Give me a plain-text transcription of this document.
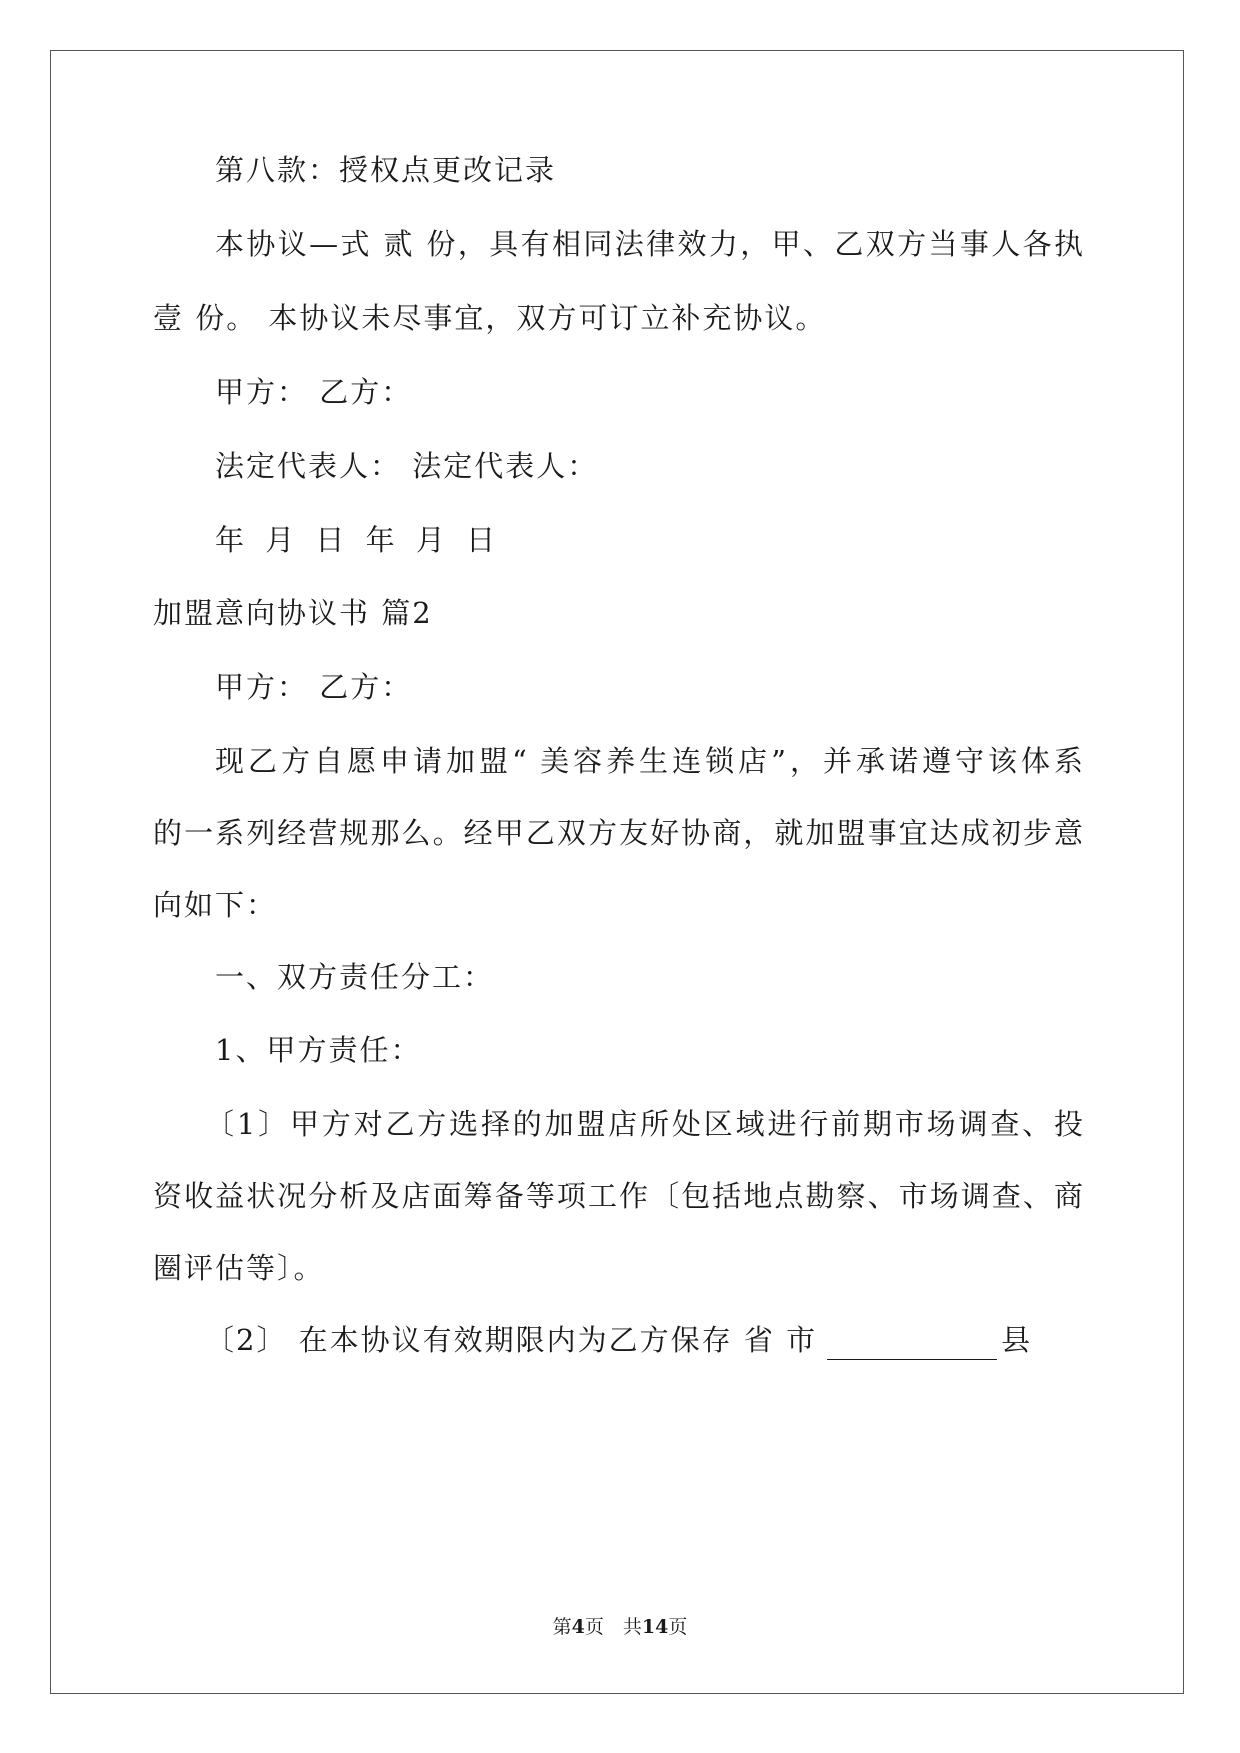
第八款：授权点更改记录
本协议—式 贰 份，具有相同法律效力，甲、乙双方当事人各执
壹 份。 本协议未尽事宜，双方可订立补充协议。
甲方： 乙方：
法定代表人： 法定代表人：
年 月 日 年 月 日
加盟意向协议书 篇2
甲方： 乙方：
现乙方自愿申请加盟“ 美容养生连锁店”，并承诺遵守该体系
的一系列经营规那么。经甲乙双方友好协商，就加盟事宜达成初步意
向如下：
一、双方责任分工：
1、甲方责任：
〔1〕甲方对乙方选择的加盟店所处区域进行前期市场调查、投
资收益状况分析及店面筹备等项工作〔包括地点勘察、市场调查、商
圈评估等〕。
〔2〕 在本协议有效期限内为乙方保存 省 市	县
第4页　共14页
